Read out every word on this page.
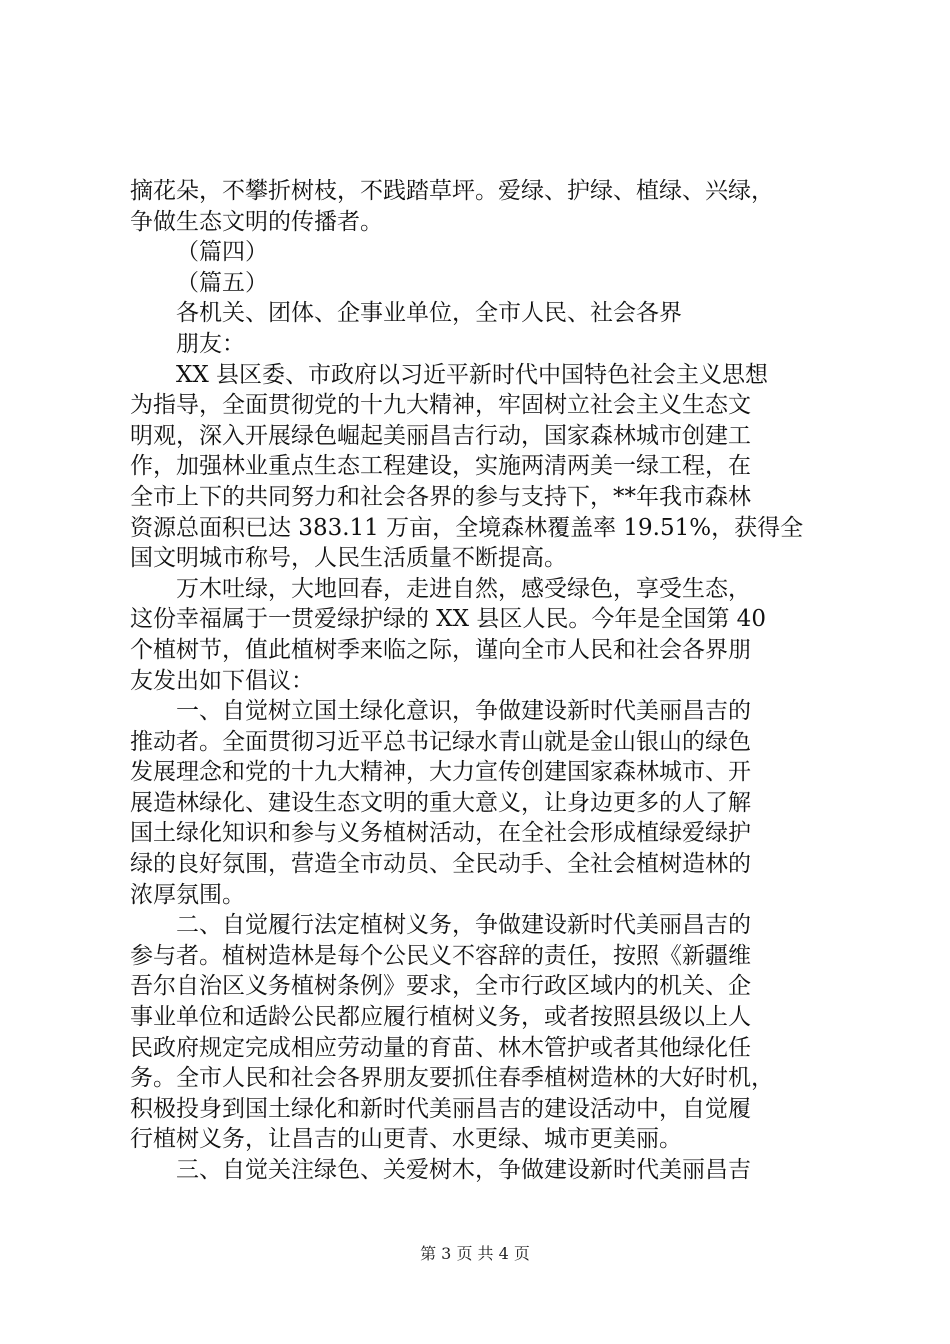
摘花朵，不攀折树枝，不践踏草坪。爱绿、护绿、植绿、兴绿，
争做生态文明的传播者。
（篇四）
（篇五）
各机关、团体、企事业单位，全市人民、社会各界
朋友：
XX 县区委、市政府以习近平新时代中国特色社会主义思想
为指导，全面贯彻党的十九大精神，牢固树立社会主义生态文
明观，深入开展绿色崛起美丽昌吉行动，国家森林城市创建工
作，加强林业重点生态工程建设，实施两清两美一绿工程，在
全市上下的共同努力和社会各界的参与支持下，**年我市森林
资源总面积已达 383.11 万亩，全境森林覆盖率 19.51%，获得全
国文明城市称号，人民生活质量不断提高。
万木吐绿，大地回春，走进自然，感受绿色，享受生态，
这份幸福属于一贯爱绿护绿的 XX 县区人民。今年是全国第 40
个植树节，值此植树季来临之际，谨向全市人民和社会各界朋
友发出如下倡议：
一、自觉树立国土绿化意识，争做建设新时代美丽昌吉的
推动者。全面贯彻习近平总书记绿水青山就是金山银山的绿色
发展理念和党的十九大精神，大力宣传创建国家森林城市、开
展造林绿化、建设生态文明的重大意义，让身边更多的人了解
国土绿化知识和参与义务植树活动，在全社会形成植绿爱绿护
绿的良好氛围，营造全市动员、全民动手、全社会植树造林的
浓厚氛围。
二、自觉履行法定植树义务，争做建设新时代美丽昌吉的
参与者。植树造林是每个公民义不容辞的责任，按照《新疆维
吾尔自治区义务植树条例》要求，全市行政区域内的机关、企
事业单位和适龄公民都应履行植树义务，或者按照县级以上人
民政府规定完成相应劳动量的育苗、林木管护或者其他绿化任
务。全市人民和社会各界朋友要抓住春季植树造林的大好时机，
积极投身到国土绿化和新时代美丽昌吉的建设活动中，自觉履
行植树义务，让昌吉的山更青、水更绿、城市更美丽。
三、自觉关注绿色、关爱树木，争做建设新时代美丽昌吉
第 3 页 共 4 页
